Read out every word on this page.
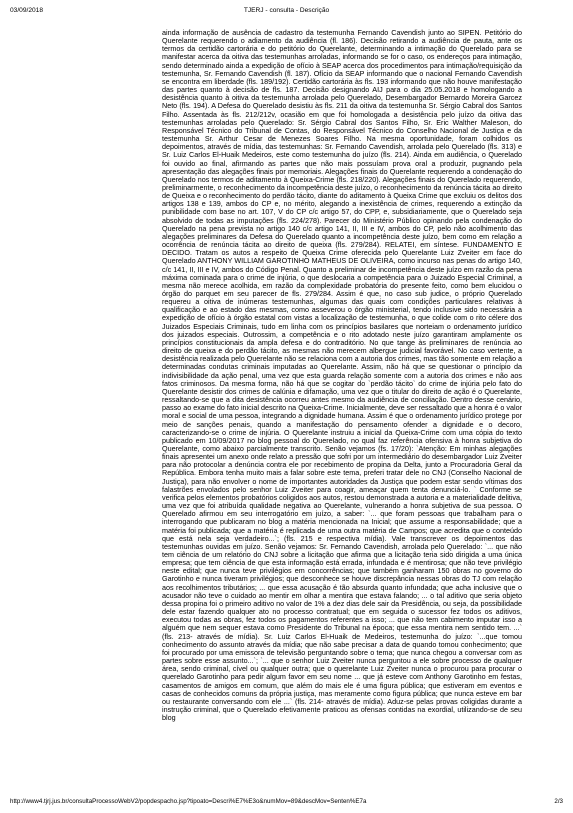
03/09/2018	TJERJ - consulta - Descrição

ainda informação de ausência de cadastro da testemunha Fernando Cavendish junto ao SIPEN. Petitório do Querelante requerendo o adiamento da audiência (fl. 186). Decisão retirando a audiência de pauta, ante os termos da certidão cartorária e do petitório do Querelante, determinando a intimação do Querelado para se manifestar acerca da oitiva das testemunhas arroladas, informando se for o caso, os endereços para intimação, sendo determinado ainda a expedição de ofício à SEAP acerca dos procedimentos para intimação/requisição da testemunha, Sr. Fernando Cavendish (fl. 187). Ofício da SEAP informando que o nacional Fernando Cavendish se encontra em liberdade (fls. 189/192). Certidão cartorária às fls. 193 informando que não houve manifestação das partes quanto à decisão de fls. 187. Decisão designando AIJ para o dia 25.05.2018 e homologando a desistência quanto à oitiva da testemunha arrolada pelo Querelado, Desembargador Bernardo Moreira Garcez Neto (fls. 194). A Defesa do Querelado desistiu às fls. 211 da oitiva da testemunha Sr. Sérgio Cabral dos Santos Filho. Assentada às fls. 212/212v, ocasião em que foi homologada a desistência pelo juízo da oitiva das testemunhas arroladas pelo Querelado: Sr. Sérgio Cabral dos Santos Filho, Sr. Eric Walther Maleson, do Responsável Técnico do Tribunal de Contas, do Responsável Técnico do Conselho Nacional de Justiça e da testemunha Sr. Arthur Cesar de Menezes Soares Filho. Na mesma oportunidade, foram colhidos os depoimentos, através de mídia, das testemunhas: Sr. Fernando Cavendish, arrolada pelo Querelado (fls. 313) e Sr. Luiz Carlos El-Huaik Medeiros, este como testemunha do juízo (fls. 214). Ainda em audiência, o Querelado foi ouvido ao final, afirmando as partes que não mais possuíam prova oral a produzir, pugnando pela apresentação das alegações finais por memoriais. Alegações finais do Querelante requerendo a condenação do Querelado nos termos de aditamento à Queixa-Crime (fls. 218/220). Alegações finais do Querelado requerendo, preliminarmente, o reconhecimento da incompetência deste juízo, o reconhecimento da renúncia tácita ao direito de Queixa e o reconhecimento do perdão tácito, diante do aditamento à Queixa Crime que excluiu os delitos dos artigos 138 e 139, ambos do CP e, no mérito, alegando a inexistência de crimes, requerendo a extinção da punibilidade com base no art. 107, V do CP c/c artigo 57, do CPP, e, subsidiariamente, que o Querelado seja absolvido de todas as imputações (fls. 224/278). Parecer do Ministério Público opinando pela condenação do Querelado na pena prevista no artigo 140 c/c artigo 141, II, III e IV, ambos do CP, pelo não acolhimento das alegações preliminares da Defesa do Querelado quanto a incompetência deste juízo, bem como em relação a ocorrência de renúncia tácita ao direito de queixa (fls. 279/284). RELATEI, em síntese. FUNDAMENTO E DECIDO. Tratam os autos a respeito de Queixa Crime oferecida pelo Querelante Luiz Zveiter em face do Querelado ANTHONY WILLIAM GAROTINHO MATHEUS DE OLIVEIRA, como incurso nas penas do artigo 140, c/c 141, II, III e IV, ambos do Código Penal. Quanto a preliminar de incompetência deste juízo em razão da pena máxima cominada para o crime de injúria, o que deslocaria a competência para o Juizado Especial Criminal, a mesma não merece acolhida, em razão da complexidade probatória do presente feito, como bem elucidou o órgão do parquet em seu parecer de fls. 279/284. Assim é que, no caso sub judice, o próprio Querelado requereu a oitiva de inúmeras testemunhas, algumas das quais com condições particulares relativas à qualificação e ao estado das mesmas, como asseverou o órgão ministerial, tendo inclusive sido necessária a expedição de ofício à órgão estatal com vistas a localização de testemunha, o que colide com o rito célere dos Juizados Especiais Criminais, tudo em linha com os princípios basilares que norteiam o ordenamento jurídico dos juizados especiais. Outrossim, a competência e o rito adotado neste juízo garantiram amplamente os princípios constitucionais da ampla defesa e do contraditório. No que tange às preliminares de renúncia ao direito de queixa e do perdão tácito, as mesmas não merecem albergue judicial favorável. No caso vertente, a desistência realizada pelo Querelante não se relaciona com a autoria dos crimes, mas tão somente em relação a determinadas condutas criminais imputadas ao Querelante. Assim, não há que se questionar o princípio da indivisibilidade da ação penal, uma vez que esta guarda relação somente com a autoria dos crimes e não aos fatos criminosos. Da mesma forma, não há que se cogitar do `perdão tácito` do crime de injúria pelo fato do Querelante desistir dos crimes de calúnia e difamação, uma vez que o titular do direito de ação é o Querelante, ressaltando-se que a dita desistência ocorreu antes mesmo da audiência de conciliação. Dentro desse cenário, passo ao exame do fato inicial descrito na Queixa-Crime. Inicialmente, deve ser ressaltado que a honra é o valor moral e social de uma pessoa, integrando a dignidade humana. Assim é que o ordenamento jurídico protege por meio de sanções penais, quando a manifestação do pensamento ofender a dignidade e o decoro, caracterizando-se o crime de injúria. O Querelante instruiu a inicial da Queixa-Crime com uma cópia do texto publicado em 10/09/2017 no blog pessoal do Querelado, no qual faz referência ofensiva à honra subjetiva do Querelante, como abaixo parcialmente transcrito. Senão vejamos (fs. 17/20): `Atenção: Em minhas alegações finais apresentei um anexo onde relato a pressão que sofri por um intermediário do desembargador Luiz Zveiter para não protocolar a denúncia contra ele por recebimento de propina da Delta, junto a Procuradoria Geral da República. Embora tenha muito mais a falar sobre este tema, preferi tratar dele no CNJ (Conselho Nacional de Justiça), para não envolver o nome de importantes autoridades da Justiça que podem estar sendo vítimas dos falastrões envolados pelo senhor Luiz Zveiter para coagir, ameaçar quem tenta denunciá-lo. ` Conforme se verifica pelos elementos probatórios coligidos aos autos, restou demonstrada a autoria e a materialidade delitiva, uma vez que foi atribuída qualidade negativa ao Querelante, vulnerando a honra subjetiva de sua pessoa. O Querelado afirmou em seu interrogatório em juízo, a saber: `... que foram pessoas que trabalham para o interrogando que publicaram no blog a matéria mencionada na Inicial; que assume a responsabilidade; que a matéria foi publicada; que a matéria é replicada de uma outra matéria de Campos; que acredita que o conteúdo que está nela seja verdadeiro...`; (fls. 215 e respectiva mídia). Vale transcrever os depoimentos das testemunhas ouvidas em juízo. Senão vejamos: Sr. Fernando Cavendish, arrolada pelo Querelado: `... que não tem ciência de um relatório do CNJ sobre a licitação que afirma que a licitação teria sido dirigida a uma única empresa; que tem ciência de que esta informação está errada, infundada e é mentirosa; que não teve privilégio neste edital; que nunca teve privilégios em concorrências; que também ganharam 150 obras no governo do Garotinho e nunca tiveram privilégios; que desconhece se houve discrepância nessas obras do TJ com relação aos recolhimentos tributários; ... que essa acusação é tão absurda quanto infundada; que acha inclusive que o acusador não teve o cuidado ao mentir em olhar a mentira que estava falando; ... o tal aditivo que seria objeto dessa propina foi o primeiro aditivo no valor de 1% a dez dias dele sair da Presidência, ou seja, da possibilidade dele estar fazendo qualquer ato no processo contratual; que em seguida o sucessor fez todos os aditivos, executou todas as obras, fez todos os pagamentos referentes a isso; ... que não tem cabimento imputar isso a alguém que nem sequer estava como Presidente do Tribunal na época; que essa mentira nem sentido tem. ...` (fls. 213- através de mídia). Sr. Luiz Carlos El-Huaik de Medeiros, testemunha do juízo: `...que tomou conhecimento do assunto através da mídia; que não sabe precisar a data de quando tomou conhecimento; que foi procurado por uma emissora de televisão perguntando sobre o tema; que nunca chegou a conversar com as partes sobre esse assunto...`; `... que o senhor Luiz Zveiter nunca perguntou a ele sobre processo de qualquer área, sendo criminal, cível ou qualquer outra; que o querelante Luiz Zveiter nunca o procurou para procurar o querelado Garotinho para pedir algum favor em seu nome ... que já esteve com Anthony Garotinho em festas, casamentos de amigos em comum, que além do mais ele é uma figura pública; que estiveram em eventos e casas de conhecidos comuns da própria justiça, mas meramente como figura pública; que nunca esteve em bar ou restaurante conversando com ele ...` (fls. 214- através de mídia). Aduz-se pelas provas coligidas durante a instrução criminal, que o Querelado efetivamente praticou as ofensas contidas na exordial, utilizando-se de seu blog

http://www4.tjrj.jus.br/consultaProcessoWebV2/popdespacho.jsp?tipoato=Descri%E7%E3o&numMov=89&descMov=Senten%E7a	2/3
